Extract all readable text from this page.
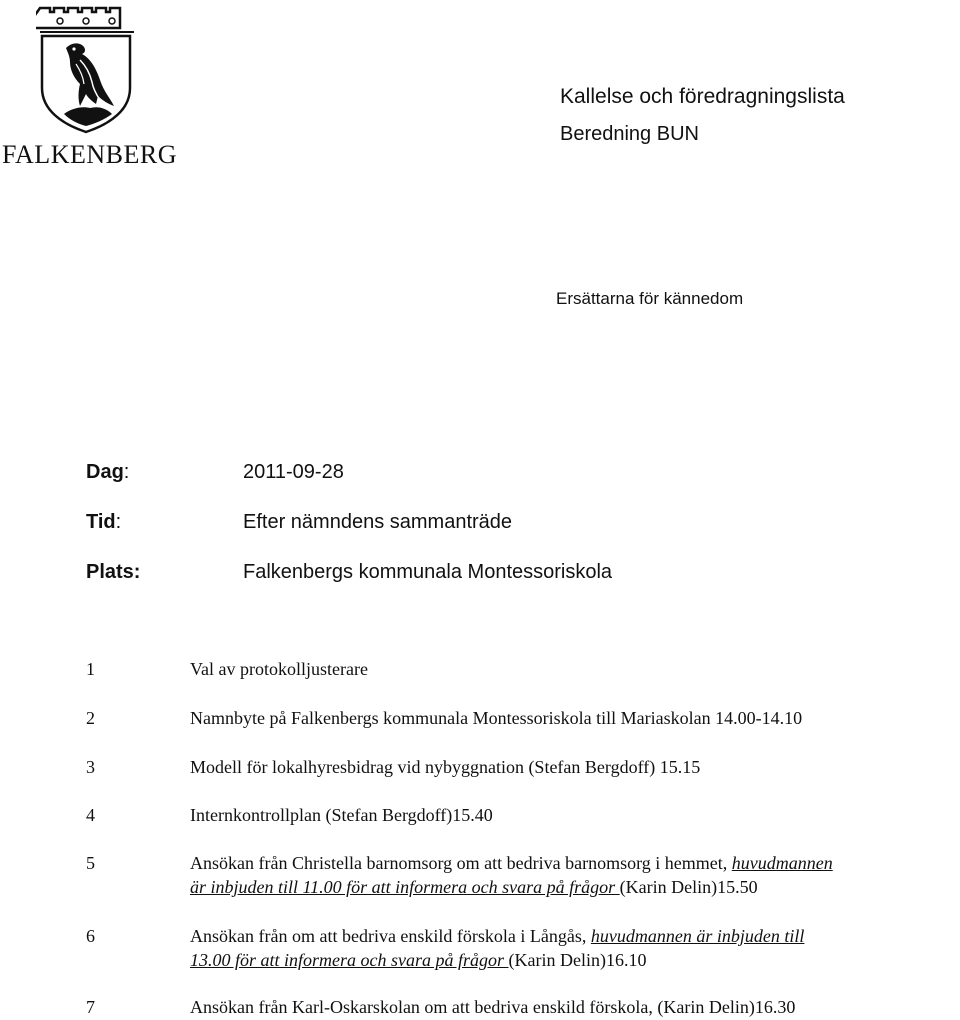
FALKENBERG
Kallelse och föredragningslista
Beredning BUN
Ersättarna för kännedom
Dag:	2011-09-28
Tid:	Efter nämndens sammanträde
Plats:	Falkenbergs kommunala Montessoriskola
1	Val av protokolljusterare
2	Namnbyte på Falkenbergs kommunala Montessoriskola till Mariaskolan 14.00-14.10
3	Modell för lokalhyresbidrag vid nybyggnation (Stefan Bergdoff) 15.15
4	Internkontrollplan (Stefan Bergdoff)15.40
5	Ansökan från Christella barnomsorg om att bedriva barnomsorg i hemmet, huvudmannen
är inbjuden till 11.00 för att informera och svara på frågor (Karin Delin)15.50
6	Ansökan från om att bedriva enskild förskola i Långås, huvudmannen är inbjuden till
13.00 för att informera och svara på frågor (Karin Delin)16.10
7	Ansökan från Karl-Oskarskolan om att bedriva enskild förskola, (Karin Delin)16.30
